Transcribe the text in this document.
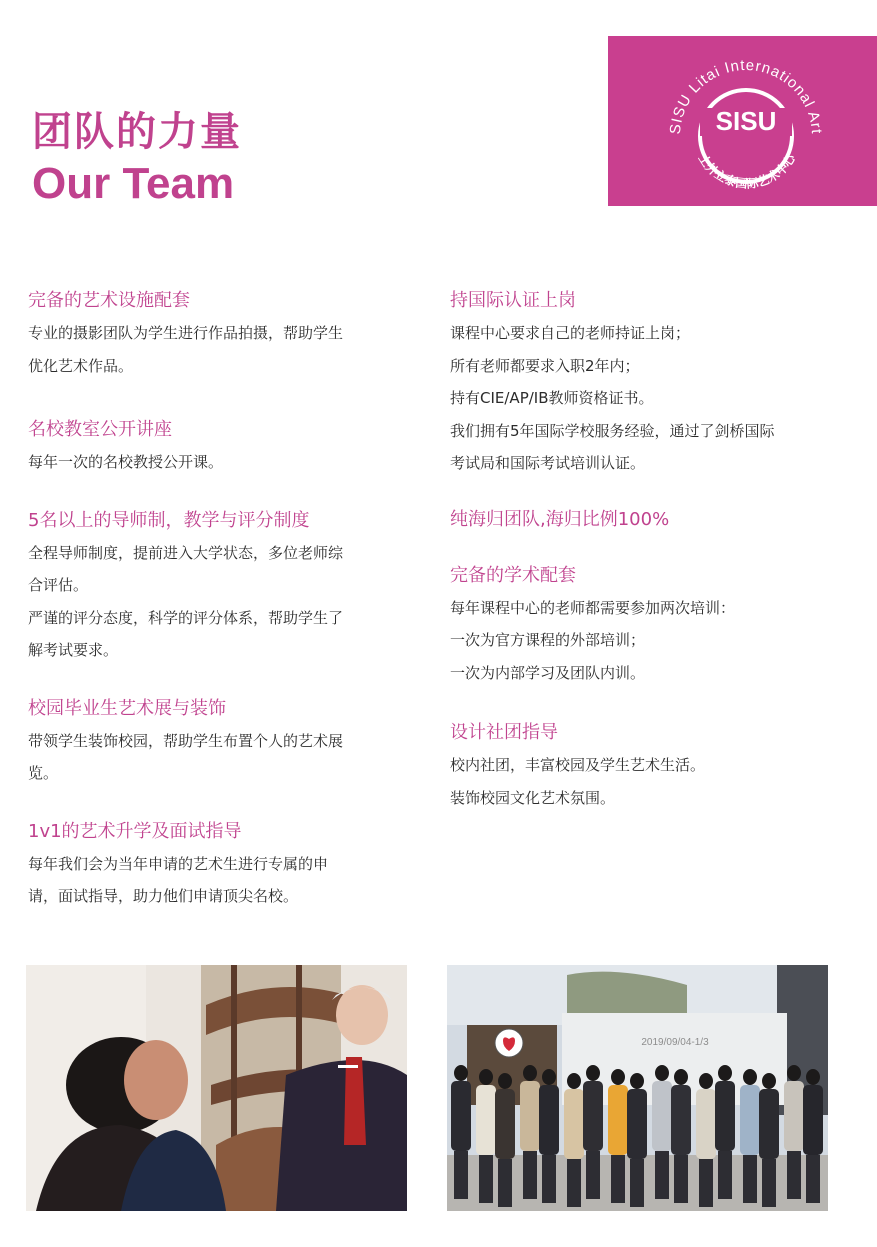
团队的力量
Our Team
SISU Litai International Art
SISU
上外立泰国际艺术中心
完备的艺术设施配套
专业的摄影团队为学生进行作品拍摄，帮助学生
优化艺术作品。
名校教室公开讲座
每年一次的名校教授公开课。
5名以上的导师制，教学与评分制度
全程导师制度，提前进入大学状态，多位老师综
合评估。
严谨的评分态度，科学的评分体系，帮助学生了
解考试要求。
校园毕业生艺术展与装饰
带领学生装饰校园，帮助学生布置个人的艺术展
览。
1v1的艺术升学及面试指导
每年我们会为当年申请的艺术生进行专属的申
请，面试指导，助力他们申请顶尖名校。
持国际认证上岗
课程中心要求自己的老师持证上岗；
所有老师都要求入职2年内；
持有CIE/AP/IB教师资格证书。
我们拥有5年国际学校服务经验，通过了剑桥国际
考试局和国际考试培训认证。
纯海归团队,海归比例100%
完备的学术配套
每年课程中心的老师都需要参加两次培训：
一次为官方课程的外部培训；
一次为内部学习及团队内训。
设计社团指导
校内社团，丰富校园及学生艺术生活。
装饰校园文化艺术氛围。
2019/09/04-1/3
